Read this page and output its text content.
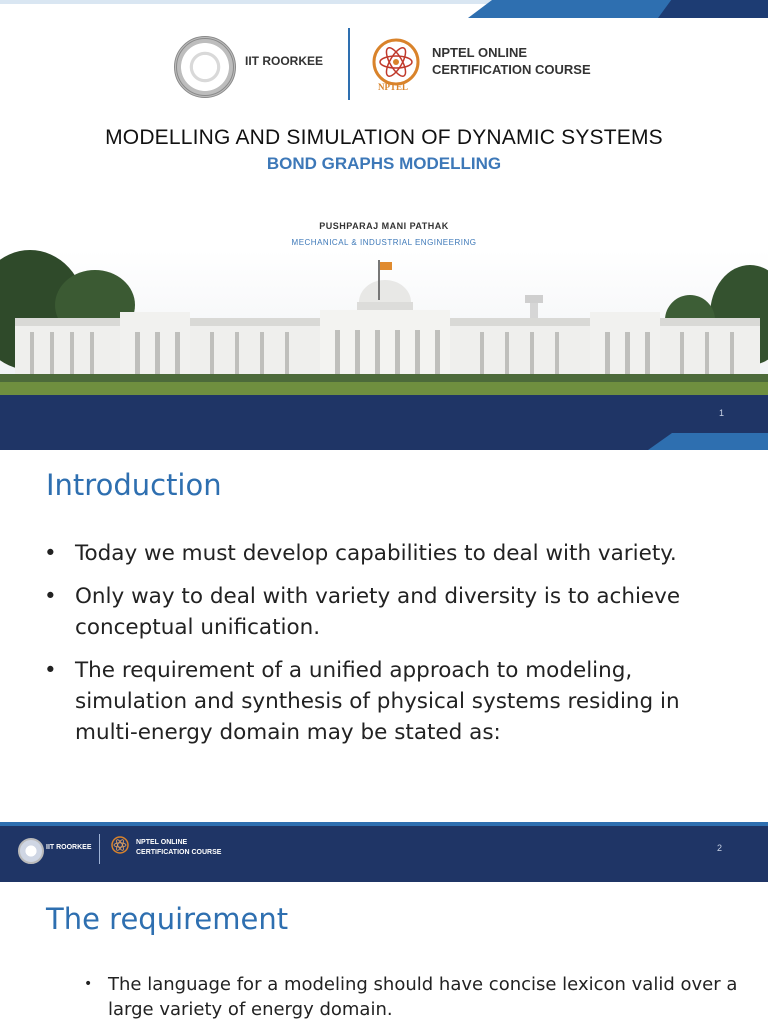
IIT ROORKEE
NPTEL
NPTEL ONLINE
CERTIFICATION COURSE
MODELLING AND SIMULATION OF DYNAMIC SYSTEMS
BOND GRAPHS MODELLING
PUSHPARAJ MANI PATHAK
MECHANICAL & INDUSTRIAL ENGINEERING
1
Introduction
• Today we must develop capabilities to deal with variety.
• Only way to deal with variety and diversity is to achieve conceptual unification.
• The requirement of a unified approach to modeling, simulation and synthesis of physical systems residing in multi-energy domain may be stated as:
IIT ROORKEE
NPTEL ONLINE
CERTIFICATION COURSE	2
The requirement
• The language for a modeling should have concise lexicon valid over a large variety of energy domain.
